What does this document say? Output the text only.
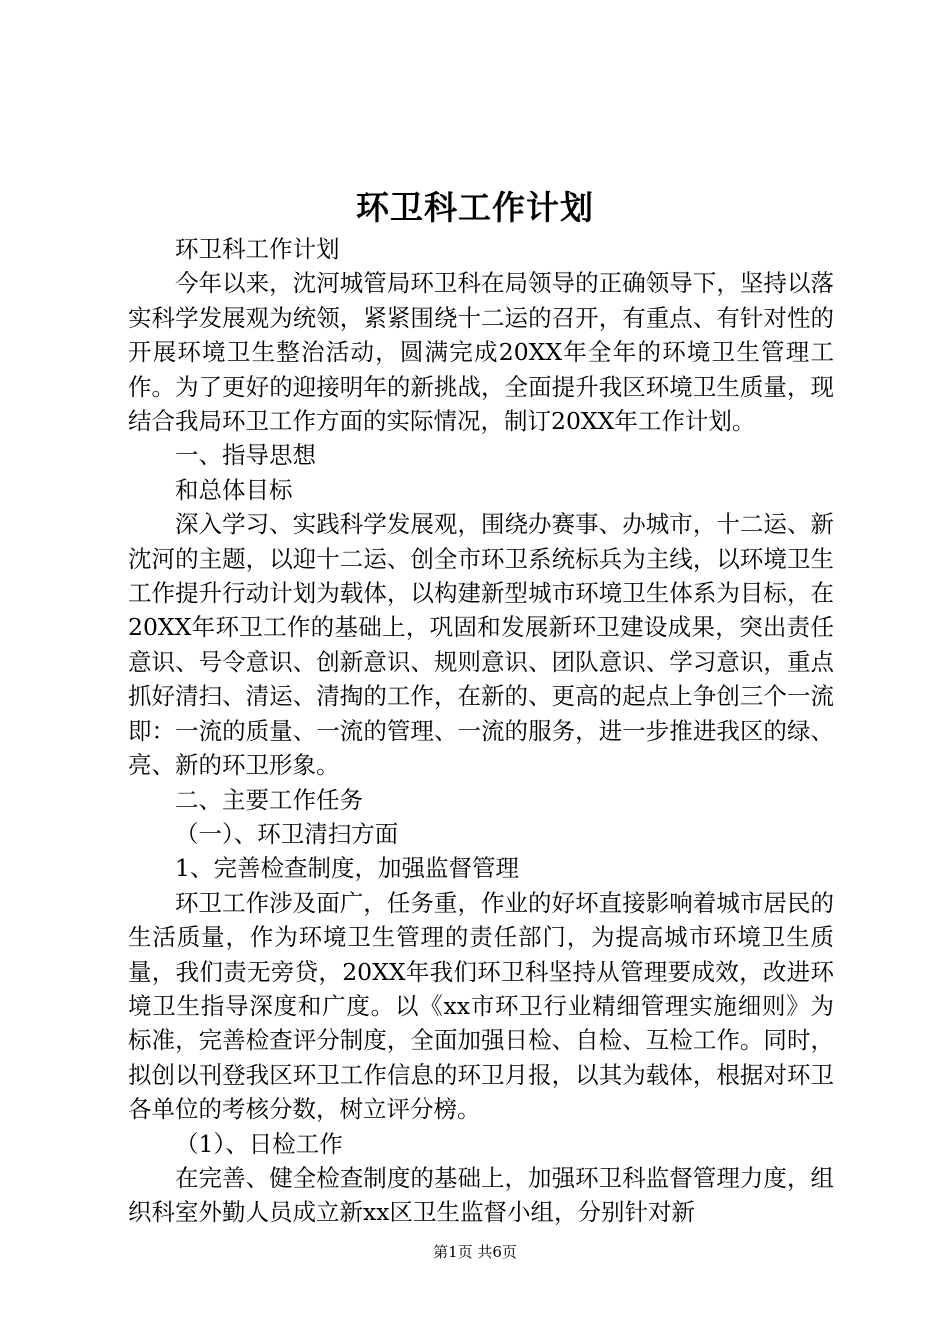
环卫科工作计划

环卫科工作计划

今年以来，沈河城管局环卫科在局领导的正确领导下，坚持以落实科学发展观为统领，紧紧围绕十二运的召开，有重点、有针对性的开展环境卫生整治活动，圆满完成20XX年全年的环境卫生管理工作。为了更好的迎接明年的新挑战，全面提升我区环境卫生质量，现结合我局环卫工作方面的实际情况，制订20XX年工作计划。

一、指导思想

和总体目标

深入学习、实践科学发展观，围绕办赛事、办城市，十二运、新沈河的主题，以迎十二运、创全市环卫系统标兵为主线，以环境卫生工作提升行动计划为载体，以构建新型城市环境卫生体系为目标，在20XX年环卫工作的基础上，巩固和发展新环卫建设成果，突出责任意识、号令意识、创新意识、规则意识、团队意识、学习意识，重点抓好清扫、清运、清掏的工作，在新的、更高的起点上争创三个一流即：一流的质量、一流的管理、一流的服务，进一步推进我区的绿、亮、新的环卫形象。

二、主要工作任务

（一）、环卫清扫方面

1、完善检查制度，加强监督管理

环卫工作涉及面广，任务重，作业的好坏直接影响着城市居民的生活质量，作为环境卫生管理的责任部门，为提高城市环境卫生质量，我们责无旁贷，20XX年我们环卫科坚持从管理要成效，改进环境卫生指导深度和广度。以《xx市环卫行业精细管理实施细则》为标准，完善检查评分制度，全面加强日检、自检、互检工作。同时，拟创以刊登我区环卫工作信息的环卫月报，以其为载体，根据对环卫各单位的考核分数，树立评分榜。

（1）、日检工作

在完善、健全检查制度的基础上，加强环卫科监督管理力度，组织科室外勤人员成立新xx区卫生监督小组，分别针对新

第1页 共6页
